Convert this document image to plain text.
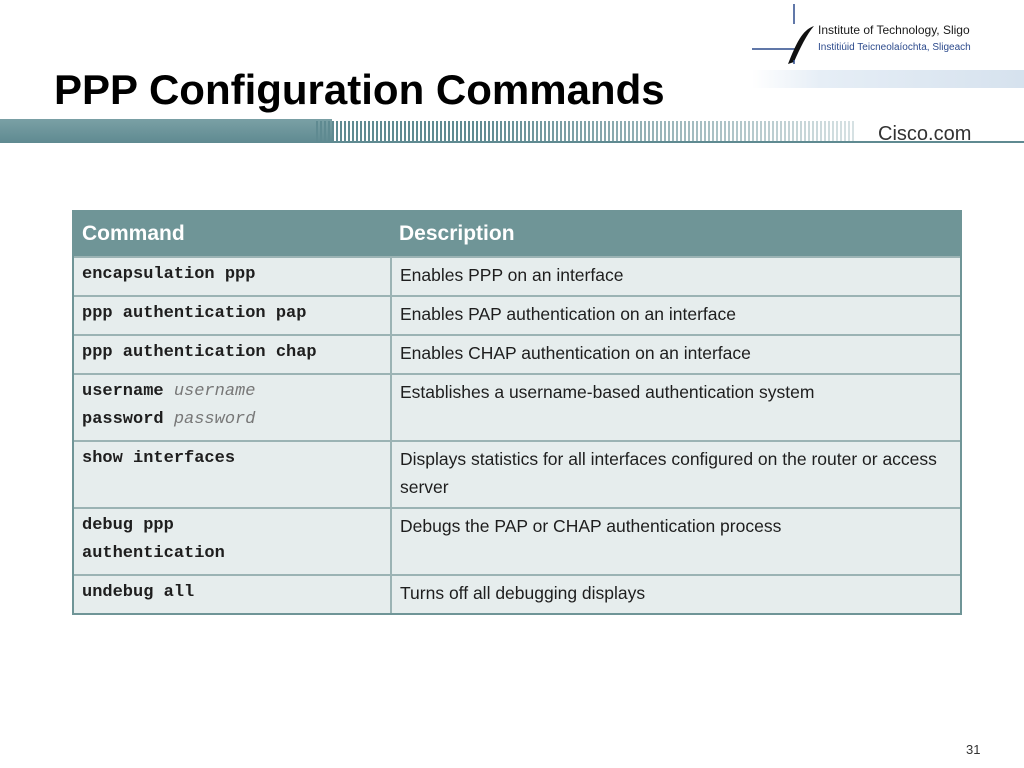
PPP Configuration Commands
Institute of Technology, Sligo
Institiúid Teicneolaíochta, Sligeach
Cisco.com
Command	Description
encapsulation ppp	Enables PPP on an interface
ppp authentication pap	Enables PAP authentication on an interface
ppp authentication chap	Enables CHAP authentication on an interface
username username
password password	Establishes a username-based authentication system
show interfaces	Displays statistics for all interfaces configured on the router or access server
debug ppp
authentication	Debugs the PAP or CHAP authentication process
undebug all	Turns off all debugging displays
31
